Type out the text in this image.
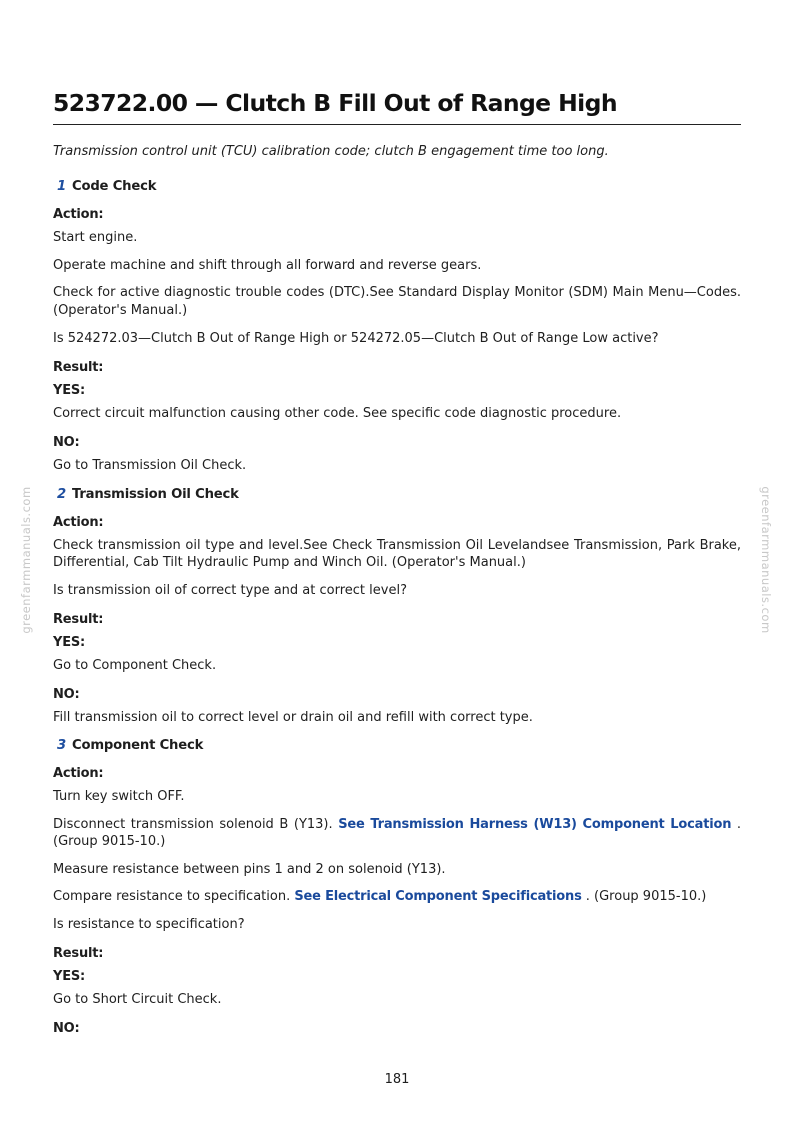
523722.00 — Clutch B Fill Out of Range High
Transmission control unit (TCU) calibration code; clutch B engagement time too long.
1 Code Check
Action:
Start engine.
Operate machine and shift through all forward and reverse gears.
Check for active diagnostic trouble codes (DTC).See Standard Display Monitor (SDM) Main Menu—Codes. (Operator's Manual.)
Is 524272.03—Clutch B Out of Range High or 524272.05—Clutch B Out of Range Low active?
Result:
YES:
Correct circuit malfunction causing other code. See specific code diagnostic procedure.
NO:
Go to Transmission Oil Check.
2 Transmission Oil Check
Action:
Check transmission oil type and level.See Check Transmission Oil Levelandsee Transmission, Park Brake, Differential, Cab Tilt Hydraulic Pump and Winch Oil. (Operator's Manual.)
Is transmission oil of correct type and at correct level?
Result:
YES:
Go to Component Check.
NO:
Fill transmission oil to correct level or drain oil and refill with correct type.
3 Component Check
Action:
Turn key switch OFF.
Disconnect transmission solenoid B (Y13). See Transmission Harness (W13) Component Location . (Group 9015-10.)
Measure resistance between pins 1 and 2 on solenoid (Y13).
Compare resistance to specification. See Electrical Component Specifications . (Group 9015-10.)
Is resistance to specification?
Result:
YES:
Go to Short Circuit Check.
NO:
greenfarmmanuals.com	greenfarmmanuals.com
181
